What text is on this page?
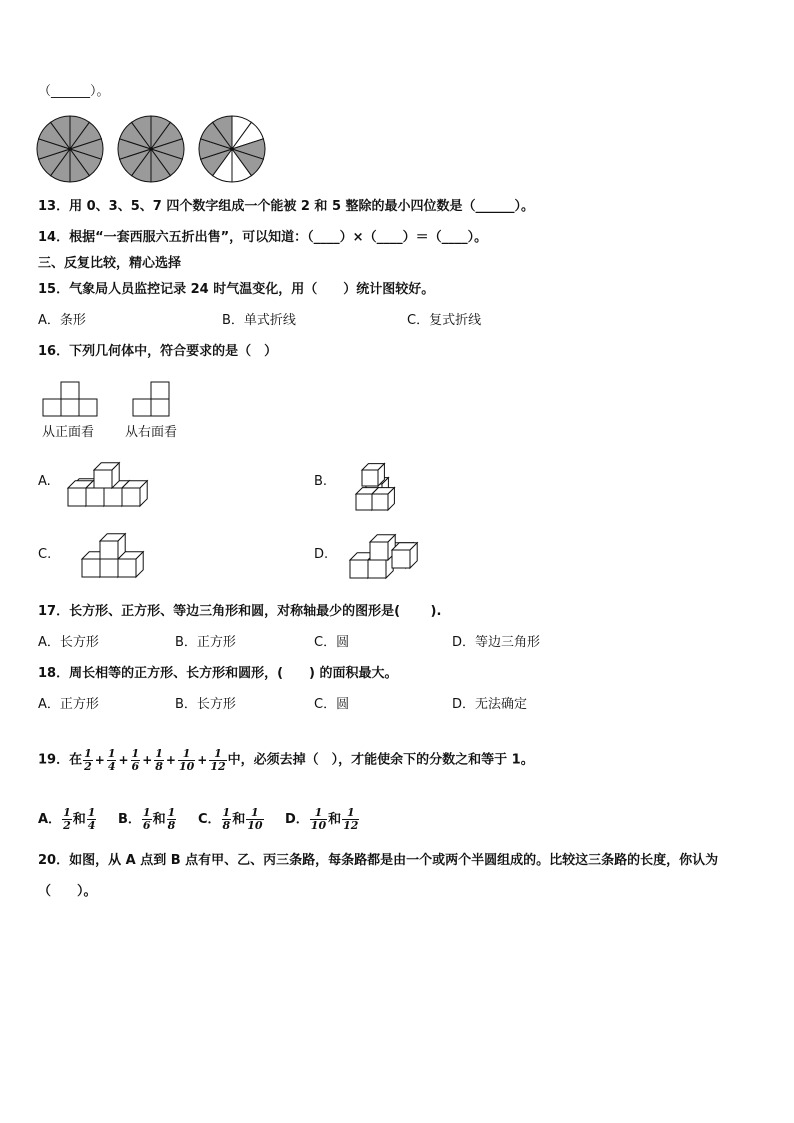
（______）。
13．用 0、3、5、7 四个数字组成一个能被 2 和 5 整除的最小四位数是（______）。
14．根据“一套西服六五折出售”，可以知道：（____）×（____）＝（____）。
三、反复比较，精心选择
15．气象局人员监控记录 24 时气温变化，用（　　）统计图较好。
A．条形	B．单式折线	C．复式折线
16．下列几何体中，符合要求的是（　）
从正面看 从右面看
A.	B.
C.	D.
17．长方形、正方形、等边三角形和圆，对称轴最少的图形是(　　 ).
A．长方形	B．正方形	C．圆	D．等边三角形
18．周长相等的正方形、长方形和圆形，(　　) 的面积最大。
A．正方形	B．长方形	C．圆	D．无法确定
19．在 $\frac{1}{2} + \frac{1}{4} + \frac{1}{6} + \frac{1}{8} + \frac{1}{10} + \frac{1}{12}$ 中，必须去掉（　），才能使余下的分数之和等于 1。
A． $\frac{1}{2}$ 和 $\frac{1}{4}$ B． $\frac{1}{6}$ 和 $\frac{1}{8}$ C． $\frac{1}{8}$ 和 $\frac{1}{10}$ D． $\frac{1}{10}$ 和 $\frac{1}{12}$
20．如图，从 A 点到 B 点有甲、乙、丙三条路，每条路都是由一个或两个半圆组成的。比较这三条路的长度，你认为
（　　）。
